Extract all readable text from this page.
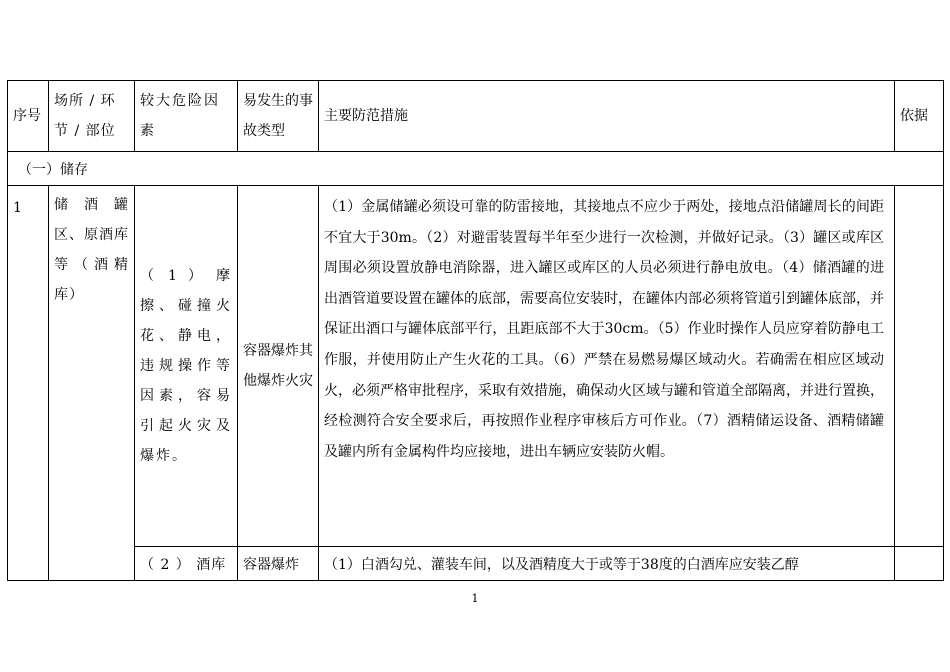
序号	场所 / 环节 / 部位	较大危险因素	易发生的事故类型	主要防范措施	依据
（一）储存					
1	储 酒 罐区、原酒库等（酒精库）	（ 1 ） 摩擦、碰撞火花、静电，违规操作等因素，容易引起火灾及爆炸。	容器爆炸其他爆炸火灾	（1）金属储罐必须设可靠的防雷接地，其接地点不应少于两处，接地点沿储罐周长的间距不宜大于30m。（2）对避雷装置每半年至少进行一次检测，并做好记录。（3）罐区或库区周围必须设置放静电消除器，进入罐区或库区的人员必须进行静电放电。（4）储酒罐的进出酒管道要设置在罐体的底部，需要高位安装时，在罐体内部必须将管道引到罐体底部，并保证出酒口与罐体底部平行，且距底部不大于30cm。（5）作业时操作人员应穿着防静电工作服，并使用防止产生火花的工具。（6）严禁在易燃易爆区域动火。若确需在相应区域动火，必须严格审批程序，采取有效措施，确保动火区域与罐和管道全部隔离，并进行置换，经检测符合安全要求后，再按照作业程序审核后方可作业。（7）酒精储运设备、酒精储罐及罐内所有金属构件均应接地，进出车辆应安装防火帽。	
		（ 2 ） 酒库	容器爆炸	（1）白酒勾兑、灌装车间，以及酒精度大于或等于38度的白酒库应安装乙醇	
1
